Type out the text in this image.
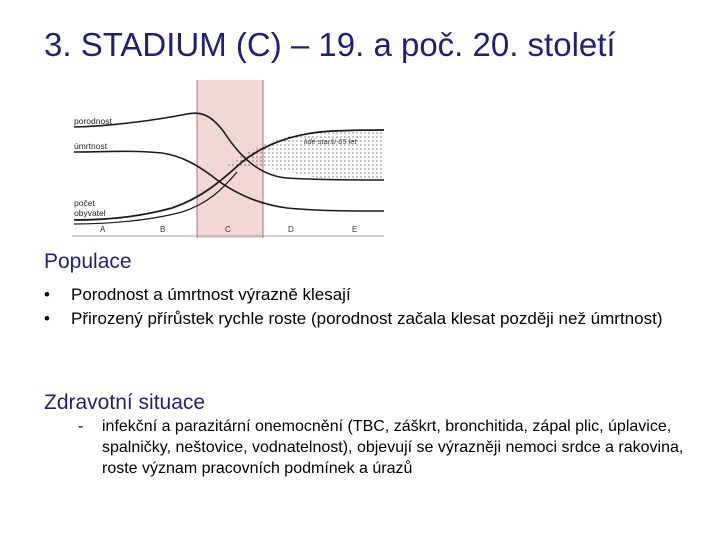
3. STADIUM (C) – 19. a poč. 20. století
porodnost
úmrtnost
počet
obyvatel
lidé starší 65 let
A	B	C	D	E
Populace
• Porodnost a úmrtnost výrazně klesají
• Přirozený přírůstek rychle roste (porodnost začala klesat později než úmrtnost)
Zdravotní situace
-	infekční a parazitární onemocnění (TBC, záškrt, bronchitida, zápal plic, úplavice, spalničky, neštovice, vodnatelnost), objevují se výrazněji nemoci srdce a rakovina, roste význam pracovních podmínek a úrazů
